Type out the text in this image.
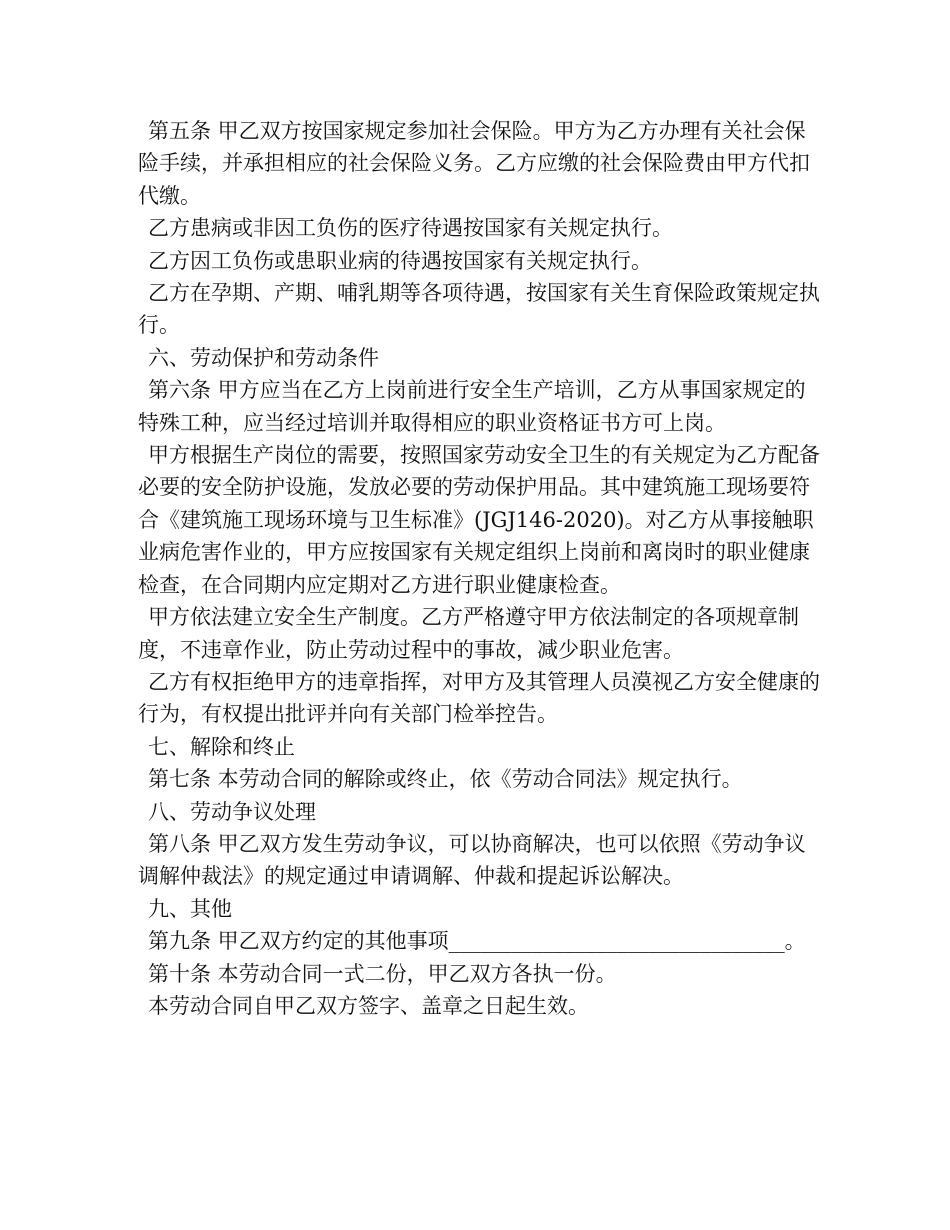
第五条 甲乙双方按国家规定参加社会保险。甲方为乙方办理有关社会保险手续，并承担相应的社会保险义务。乙方应缴的社会保险费由甲方代扣代缴。

乙方患病或非因工负伤的医疗待遇按国家有关规定执行。

乙方因工负伤或患职业病的待遇按国家有关规定执行。

乙方在孕期、产期、哺乳期等各项待遇，按国家有关生育保险政策规定执行。

六、劳动保护和劳动条件

第六条 甲方应当在乙方上岗前进行安全生产培训，乙方从事国家规定的特殊工种，应当经过培训并取得相应的职业资格证书方可上岗。

甲方根据生产岗位的需要，按照国家劳动安全卫生的有关规定为乙方配备必要的安全防护设施，发放必要的劳动保护用品。其中建筑施工现场要符合《建筑施工现场环境与卫生标准》(JGJ146-2020)。对乙方从事接触职业病危害作业的，甲方应按国家有关规定组织上岗前和离岗时的职业健康检查，在合同期内应定期对乙方进行职业健康检查。

甲方依法建立安全生产制度。乙方严格遵守甲方依法制定的各项规章制度，不违章作业，防止劳动过程中的事故，减少职业危害。

乙方有权拒绝甲方的违章指挥，对甲方及其管理人员漠视乙方安全健康的行为，有权提出批评并向有关部门检举控告。

七、解除和终止

第七条 本劳动合同的解除或终止，依《劳动合同法》规定执行。

八、劳动争议处理

第八条 甲乙双方发生劳动争议，可以协商解决，也可以依照《劳动争议调解仲裁法》的规定通过申请调解、仲裁和提起诉讼解决。

九、其他

第九条 甲乙双方约定的其他事项________________________________。

第十条 本劳动合同一式二份，甲乙双方各执一份。

本劳动合同自甲乙双方签字、盖章之日起生效。
